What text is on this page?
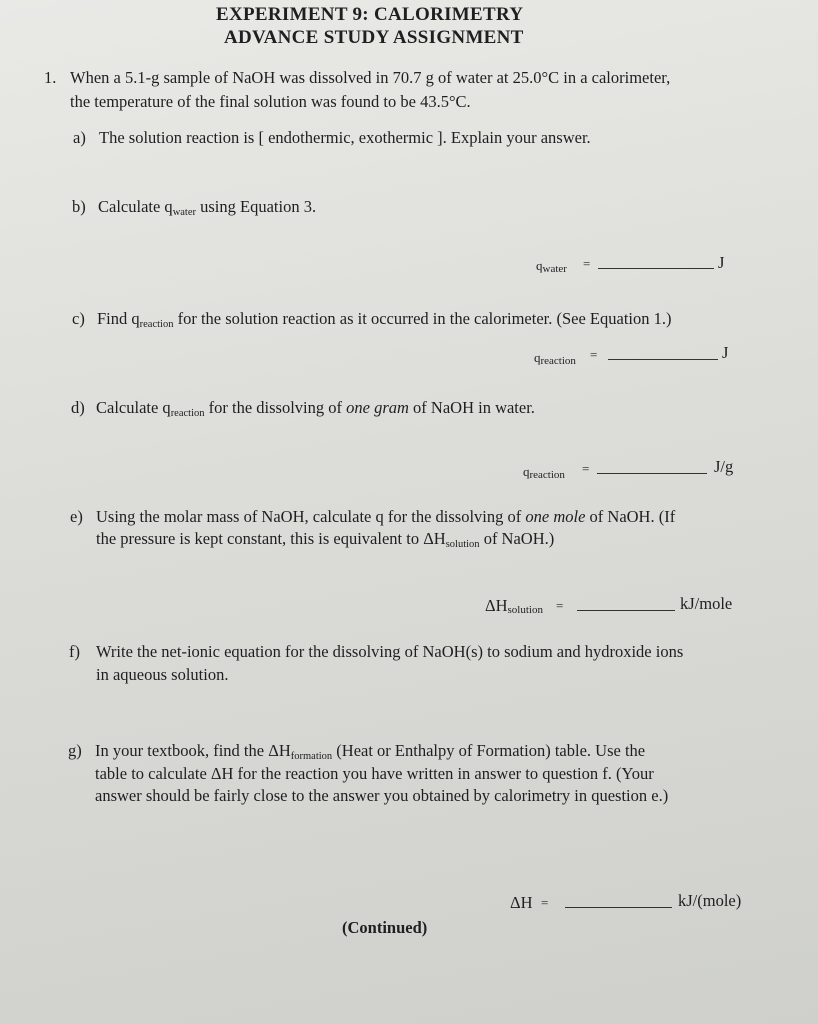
EXPERIMENT 9: CALORIMETRY
ADVANCE STUDY ASSIGNMENT
1. When a 5.1-g sample of NaOH was dissolved in 70.7 g of water at 25.0°C in a calorimeter,
the temperature of the final solution was found to be 43.5°C.
a) The solution reaction is [ endothermic, exothermic ]. Explain your answer.
b) Calculate $q_{water}$ using Equation 3.
qwater =	J
c) Find $q_{reaction}$ for the solution reaction as it occurred in the calorimeter. (See Equation 1.)
qreaction =	J
d) Calculate $q_{reaction}$ for the dissolving of one gram of NaOH in water.
qreaction =	J/g
e) Using the molar mass of NaOH, calculate q for the dissolving of one mole of NaOH. (If
the pressure is kept constant, this is equivalent to $\Delta H_{solution}$ of NaOH.)
ΔHsolution =	kJ/mole
f) Write the net-ionic equation for the dissolving of NaOH(s) to sodium and hydroxide ions
in aqueous solution.
g) In your textbook, find the $\Delta H_{formation}$ (Heat or Enthalpy of Formation) table. Use the
table to calculate ΔH for the reaction you have written in answer to question f. (Your
answer should be fairly close to the answer you obtained by calorimetry in question e.)
ΔH =	kJ/(mole)
(Continued)
